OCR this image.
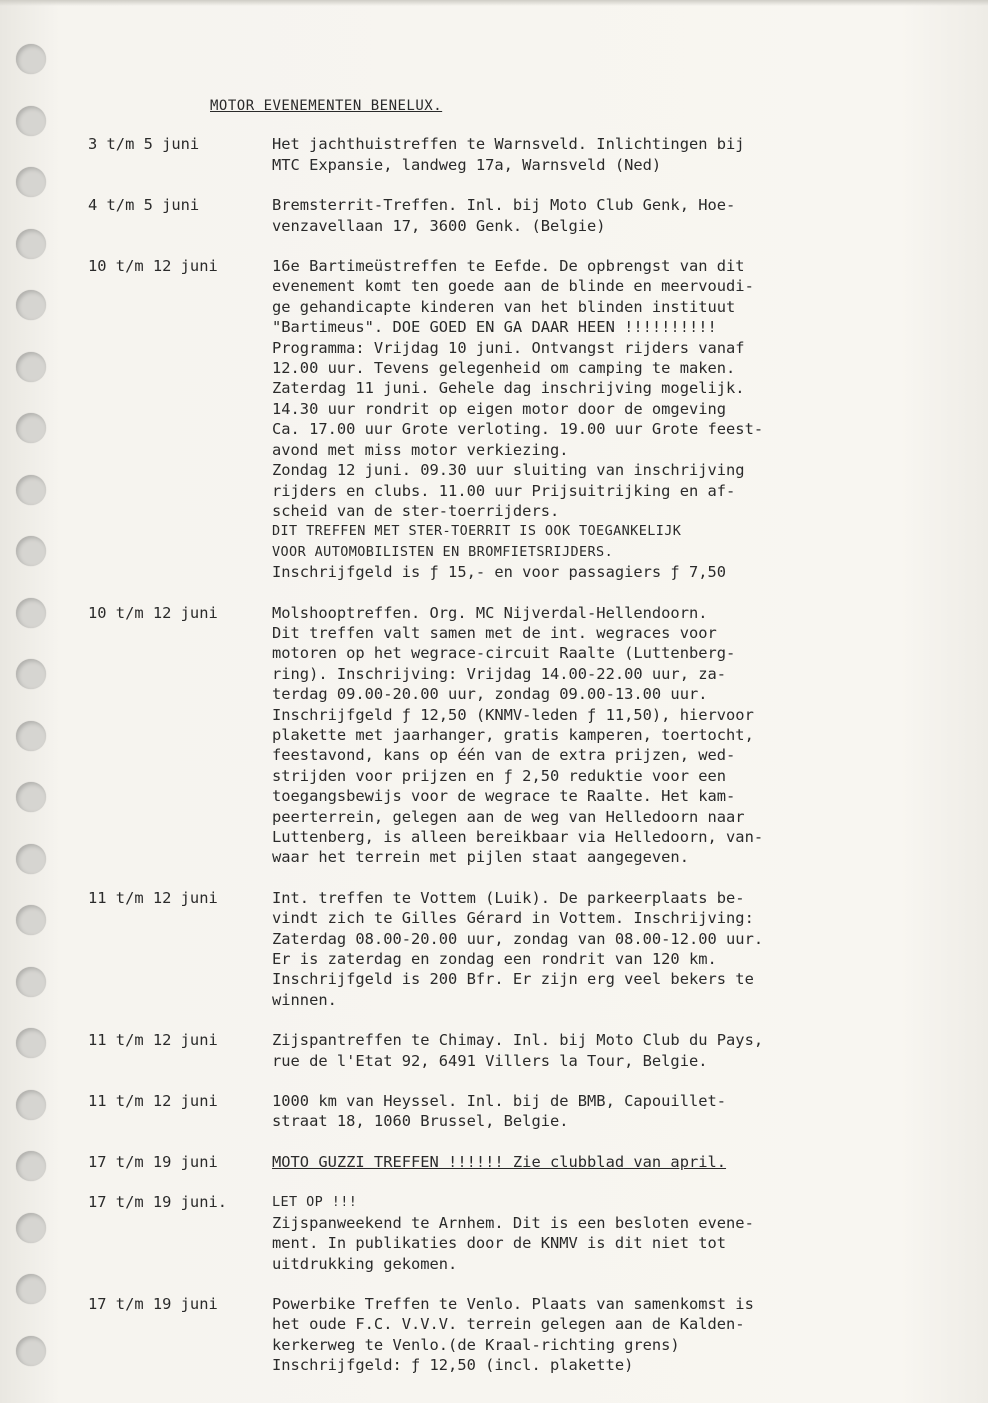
MOTOR EVENEMENTEN BENELUX.
3 t/m 5 juni	Het jachthuistreffen te Warnsveld. Inlichtingen bij
MTC Expansie, landweg 17a, Warnsveld (Ned)
4 t/m 5 juni	Bremsterrit-Treffen. Inl. bij Moto Club Genk, Hoe-
venzavellaan 17, 3600 Genk. (Belgie)
10 t/m 12 juni	16e Bartimeüstreffen te Eefde. De opbrengst van dit
evenement komt ten goede aan de blinde en meervoudi-
ge gehandicapte kinderen van het blinden instituut
"Bartimeus". DOE GOED EN GA DAAR HEEN !!!!!!!!!!
Programma: Vrijdag 10 juni. Ontvangst rijders vanaf
12.00 uur. Tevens gelegenheid om camping te maken.
Zaterdag 11 juni. Gehele dag inschrijving mogelijk.
14.30 uur rondrit op eigen motor door de omgeving
Ca. 17.00 uur Grote verloting. 19.00 uur Grote feest-
avond met miss motor verkiezing.
Zondag 12 juni. 09.30 uur sluiting van inschrijving
rijders en clubs. 11.00 uur Prijsuitrijking en af-
scheid van de ster-toerrijders.
DIT TREFFEN MET STER-TOERRIT IS OOK TOEGANKELIJK
VOOR AUTOMOBILISTEN EN BROMFIETSRIJDERS.
Inschrijfgeld is ƒ 15,- en voor passagiers ƒ 7,50
10 t/m 12 juni	Molshooptreffen. Org. MC Nijverdal-Hellendoorn.
Dit treffen valt samen met de int. wegraces voor
motoren op het wegrace-circuit Raalte (Luttenberg-
ring). Inschrijving: Vrijdag 14.00-22.00 uur, za-
terdag 09.00-20.00 uur, zondag 09.00-13.00 uur.
Inschrijfgeld ƒ 12,50 (KNMV-leden ƒ 11,50), hiervoor
plakette met jaarhanger, gratis kamperen, toertocht,
feestavond, kans op één van de extra prijzen, wed-
strijden voor prijzen en ƒ 2,50 reduktie voor een
toegangsbewijs voor de wegrace te Raalte. Het kam-
peerterrein, gelegen aan de weg van Helledoorn naar
Luttenberg, is alleen bereikbaar via Helledoorn, van-
waar het terrein met pijlen staat aangegeven.
11 t/m 12 juni	Int. treffen te Vottem (Luik). De parkeerplaats be-
vindt zich te Gilles Gérard in Vottem. Inschrijving:
Zaterdag 08.00-20.00 uur, zondag van 08.00-12.00 uur.
Er is zaterdag en zondag een rondrit van 120 km.
Inschrijfgeld is 200 Bfr. Er zijn erg veel bekers te
winnen.
11 t/m 12 juni	Zijspantreffen te Chimay. Inl. bij Moto Club du Pays,
rue de l'Etat 92, 6491 Villers la Tour, Belgie.
11 t/m 12 juni	1000 km van Heyssel. Inl. bij de BMB, Capouillet-
straat 18, 1060 Brussel, Belgie.
17 t/m 19 juni	MOTO GUZZI TREFFEN !!!!!! Zie clubblad van april.
17 t/m 19 juni.	LET OP !!!
Zijspanweekend te Arnhem. Dit is een besloten evene-
ment. In publikaties door de KNMV is dit niet tot
uitdrukking gekomen.
17 t/m 19 juni	Powerbike Treffen te Venlo. Plaats van samenkomst is
het oude F.C. V.V.V. terrein gelegen aan de Kalden-
kerkerweg te Venlo.(de Kraal-richting grens)
Inschrijfgeld: ƒ 12,50 (incl. plakette)
